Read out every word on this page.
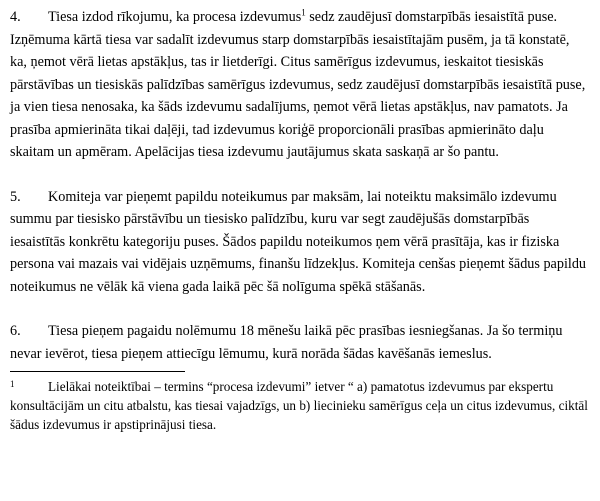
4. Tiesa izdod rīkojumu, ka procesa izdevumus$^1$ sedz zaudējusī domstarpībās iesaistītā puse. Izņēmuma kārtā tiesa var sadalīt izdevumus starp domstarpībās iesaistītajām pusēm, ja tā konstatē, ka, ņemot vērā lietas apstākļus, tas ir lietderīgi. Citus samērīgus izdevumus, ieskaitot tiesiskās pārstāvības un tiesiskās palīdzības samērīgus izdevumus, sedz zaudējusī domstarpībās iesaistītā puse, ja vien tiesa nenosaka, ka šāds izdevumu sadalījums, ņemot vērā lietas apstākļus, nav pamatots. Ja prasība apmierināta tikai daļēji, tad izdevumus koriģē proporcionāli prasības apmierināto daļu skaitam un apmēram. Apelācijas tiesa izdevumu jautājumus skata saskaņā ar šo pantu.

5. Komiteja var pieņemt papildu noteikumus par maksām, lai noteiktu maksimālo izdevumu summu par tiesisko pārstāvību un tiesisko palīdzību, kuru var segt zaudējušās domstarpībās iesaistītās konkrētu kategoriju puses. Šādos papildu noteikumos ņem vērā prasītāja, kas ir fiziska persona vai mazais vai vidējais uzņēmums, finanšu līdzekļus. Komiteja cenšas pieņemt šādus papildu noteikumus ne vēlāk kā viena gada laikā pēc šā nolīguma spēkā stāšanās.

6. Tiesa pieņem pagaidu nolēmumu 18 mēnešu laikā pēc prasības iesniegšanas. Ja šo termiņu nevar ievērot, tiesa pieņem attiecīgu lēmumu, kurā norāda šādas kavēšanās iemeslus.

1	Lielākai noteiktībai – termins “procesa izdevumi” ietver “ a) pamatotus izdevumus par ekspertu konsultācijām un citu atbalstu, kas tiesai vajadzīgs, un b) liecinieku samērīgus ceļa un citus izdevumus, ciktāl šādus izdevumus ir apstiprinājusi tiesa.
